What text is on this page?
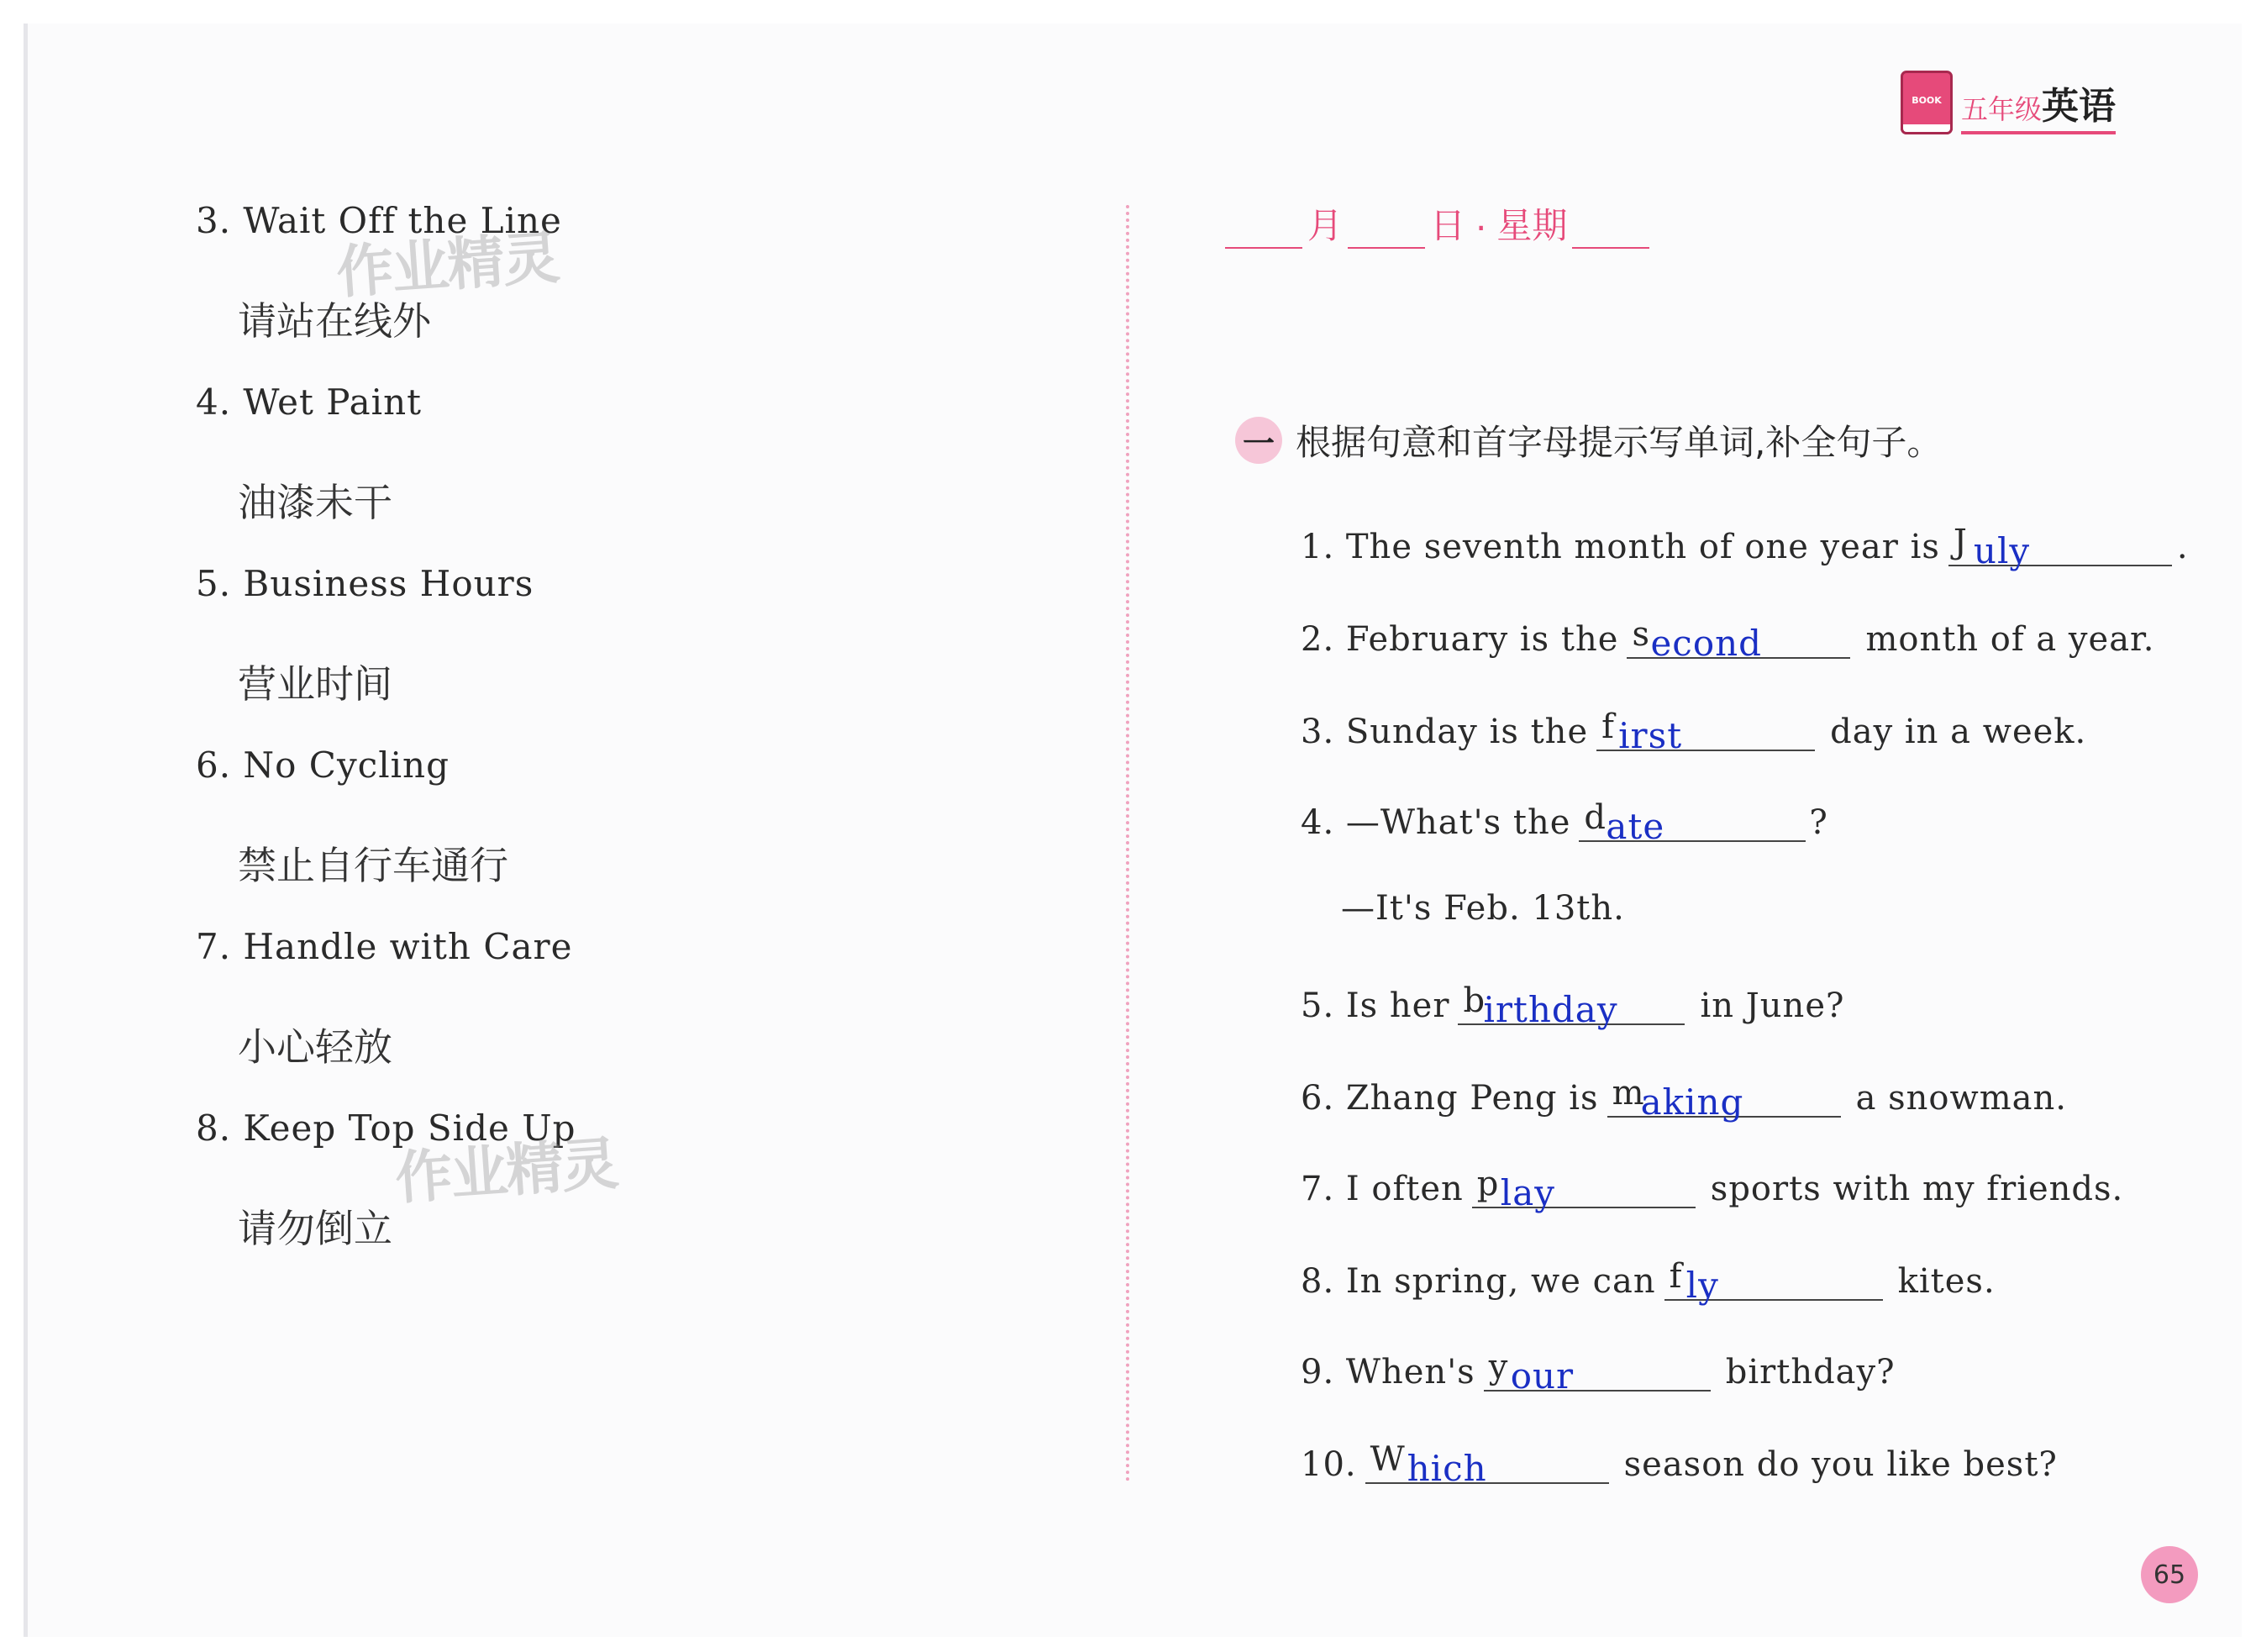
BOOK 五年级英语
3. Wait Off the Line
请站在线外
4. Wet Paint
油漆未干
5. Business Hours
营业时间
6. No Cycling
禁止自行车通行
7. Handle with Care
小心轻放
8. Keep Top Side Up
请勿倒立
作业精灵
作业精灵
月 日 · 星期
一 根据句意和首字母提示写单词,补全句子。
1. The seventh month of one year is J uly	.
2. February is the s econd	month of a year.
3. Sunday is the f irst	day in a week.
4. —What's the d ate	?
—It's Feb. 13th.
5. Is her b
irthday in June?
6. Zhang Peng is m
aking	a snowman.
7. I often p lay	sports with my friends.
8. In spring, we can f ly	kites.
9. When's y our	birthday?
10. W hich	season do you like best?
65
